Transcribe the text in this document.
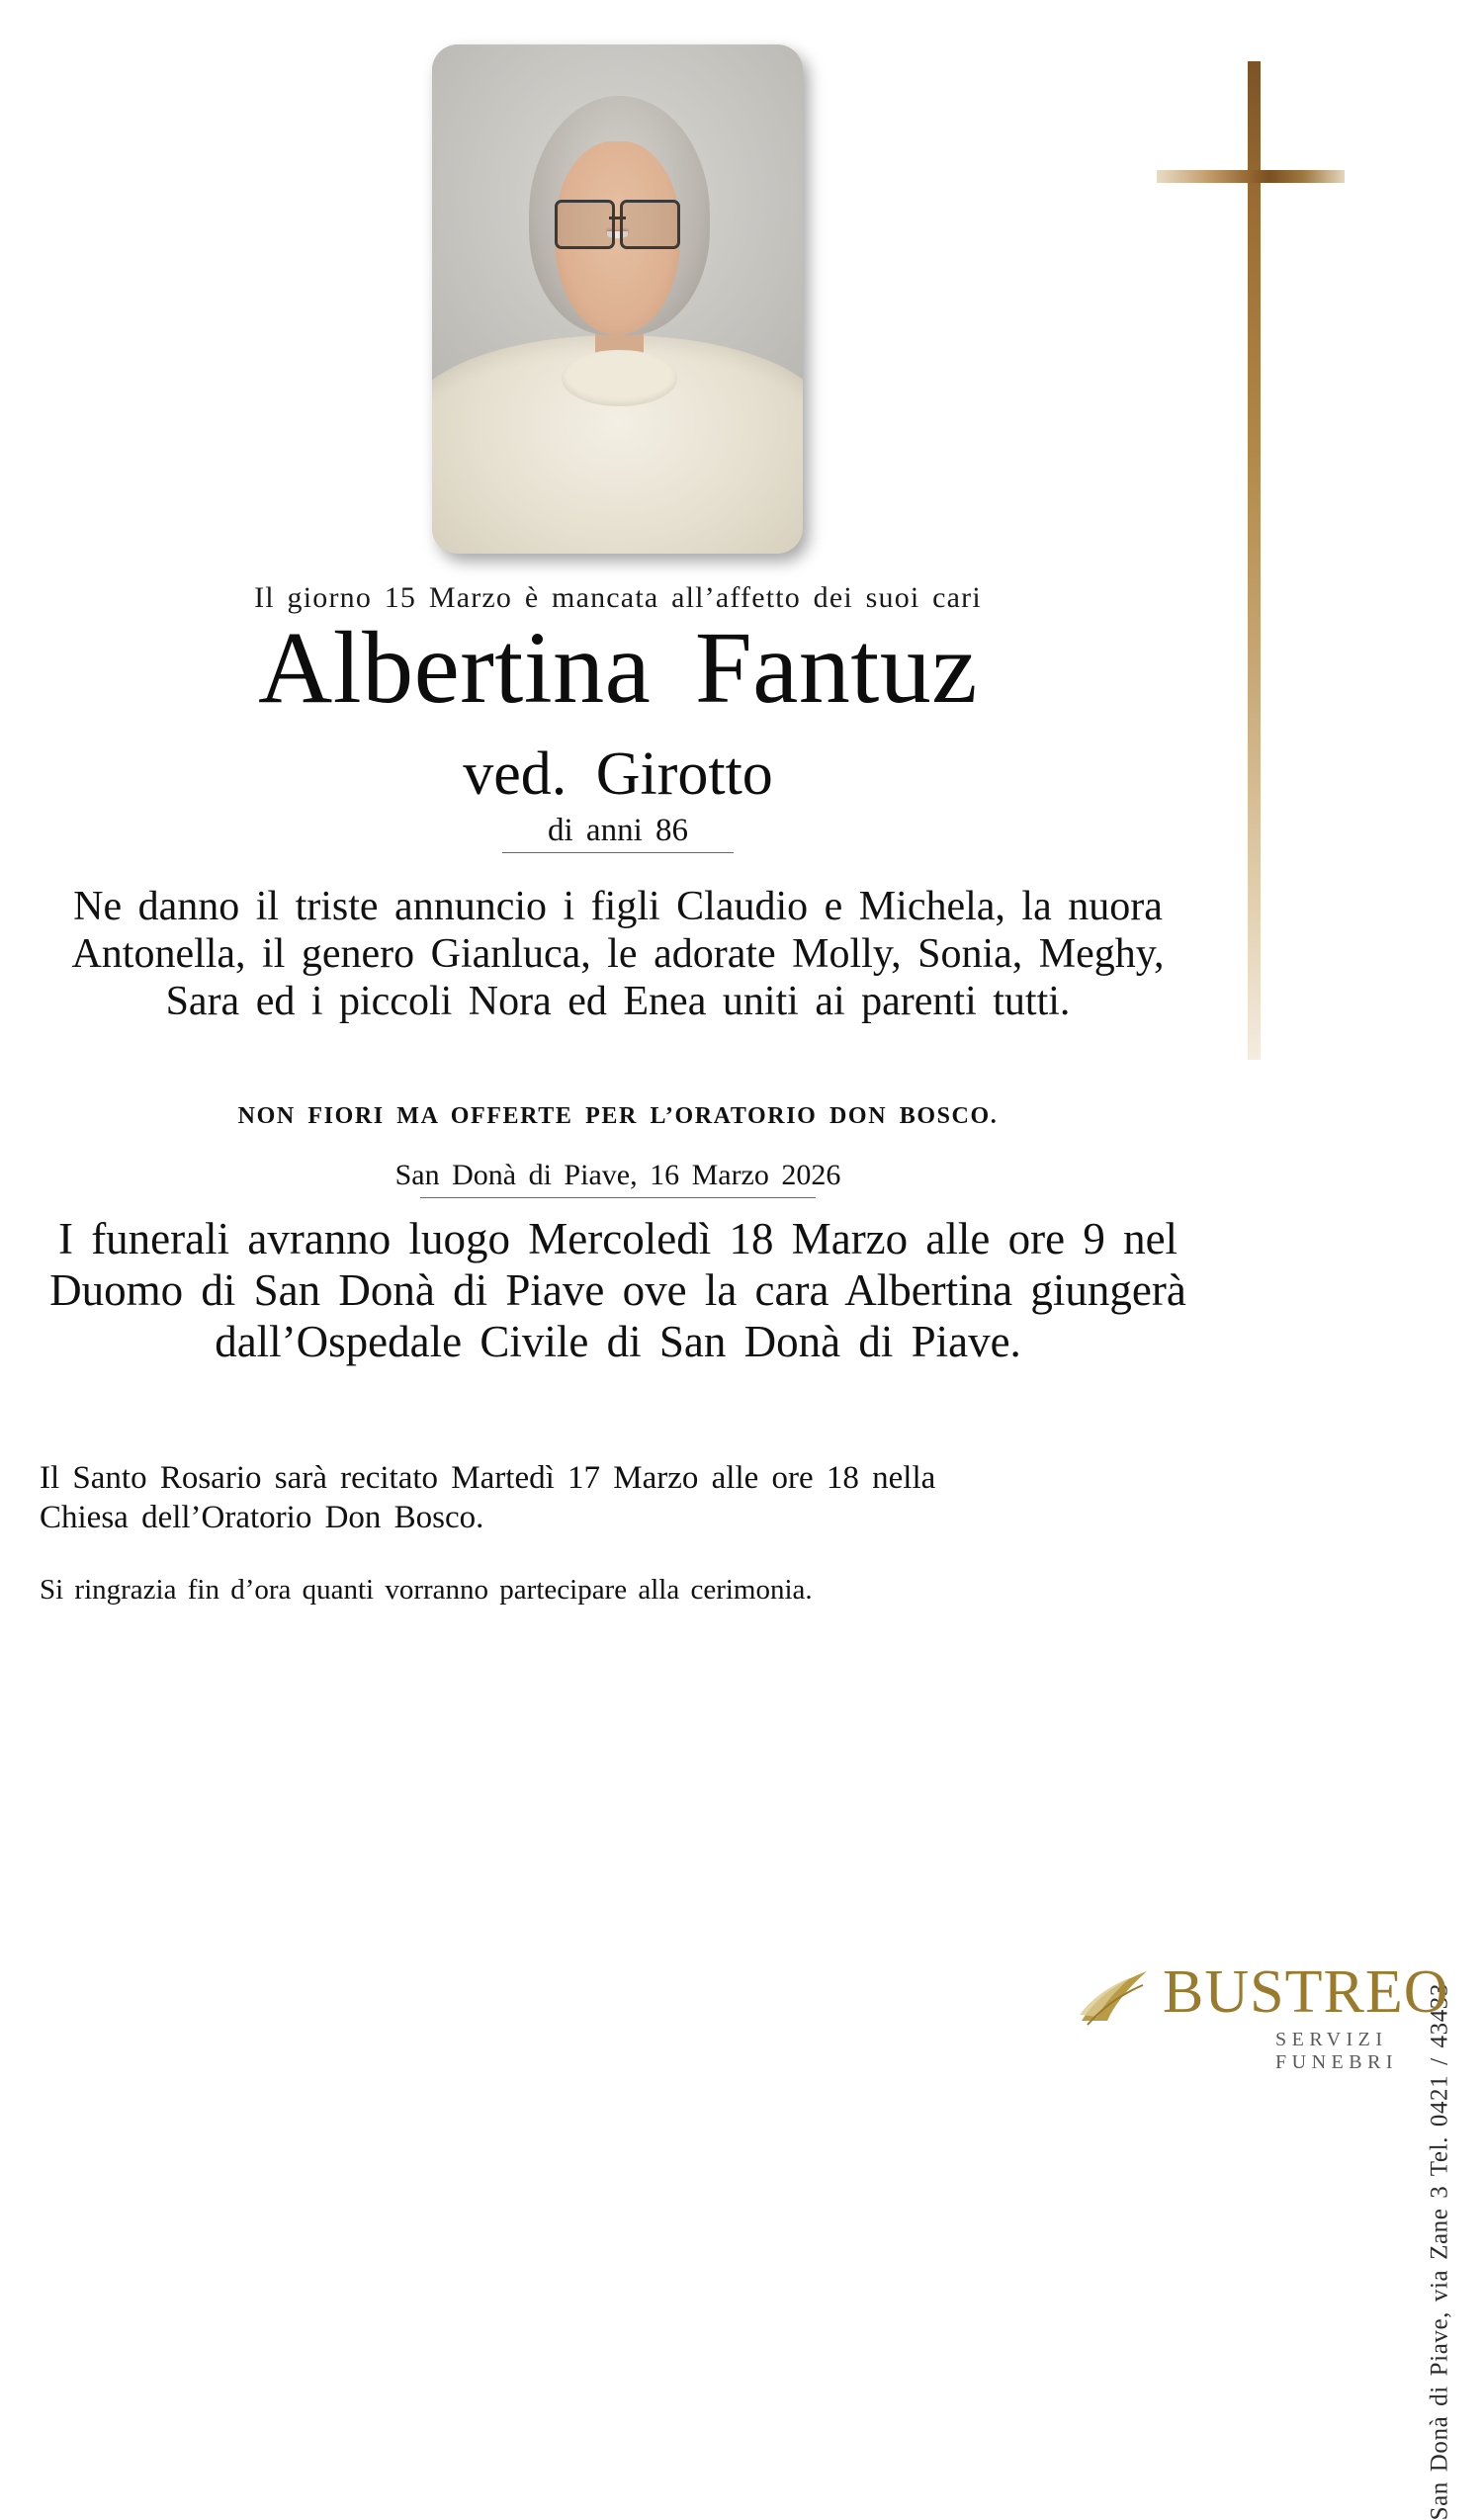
Il giorno 15 Marzo è mancata all’affetto dei suoi cari
Albertina Fantuz
ved. Girotto
di anni 86
Ne danno il triste annuncio i figli Claudio e Michela, la nuora Antonella, il genero Gianluca, le adorate Molly, Sonia, Meghy, Sara ed i piccoli Nora ed Enea uniti ai parenti tutti.
NON FIORI MA OFFERTE PER L’ORATORIO DON BOSCO.
San Donà di Piave, 16 Marzo 2026
I funerali avranno luogo Mercoledì 18 Marzo alle ore 9 nel Duomo di San Donà di Piave ove la cara Albertina giungerà dall’Ospedale Civile di San Donà di Piave.
Il Santo Rosario sarà recitato Martedì 17 Marzo alle ore 18 nella Chiesa dell’Oratorio Don Bosco.
Si ringrazia fin d’ora quanti vorranno partecipare alla cerimonia.
San Donà di Piave, via Zane 3 Tel. 0421 / 43433
BUSTREO
SERVIZI FUNEBRI
